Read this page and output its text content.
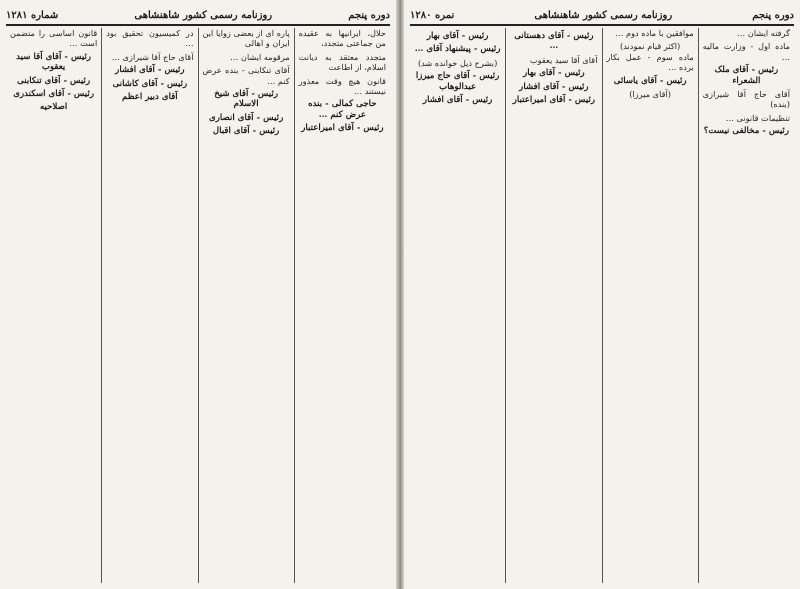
دوره پنجم
روزنامه رسمی کشور شاهنشاهی
شماره ۱۲۸۱

حلال، ایرانیها به عقیده من جماعتی متجدد،

متجدد معتقد به دیانت اسلام، از اطاعت

قانون هیچ وقت معذور نیستند …

حاجی کمالی - بنده عرض کنم …
رئیس - آقای امیراعتبار

پاره ای از بعضی زوایا این ایران و اهالی

مرقومه ایشان …

آقای تنکابنی - بنده عرض کنم …

رئیس - آقای شیخ الاسلام
رئیس - آقای انصاری
رئیس - آقای اقبال

در کمیسیون تحقیق بود …

آقای حاج آقا شیرازی …

رئیس - آقای افشار
رئیس - آقای کاشانی
آقای دبیر اعظم

قانون اساسی را متضمن است …

رئیس - آقای آقا سید یعقوب
رئیس - آقای تنکابنی
رئیس - آقای اسکندری
اصلاحیه
دوره پنجم
روزنامه رسمی کشور شاهنشاهی
نمره ۱۲۸۰

گرفته ایشان …

ماده اول - وزارت مالیه …

رئیس - آقای ملک الشعراء

آقای حاج آقا شیرازی (بنده)

تنظیمات قانونی …

رئیس - مخالفی نیست؟

موافقین با ماده دوم …

(اکثر قیام نمودند)

ماده سوم - عمل بکار برده …

رئیس - آقای یاسائی
(آقای میرزا)
رئیس - آقای دهستانی …

آقای آقا سید یعقوب

رئیس - آقای بهار
رئیس - آقای افشار
رئیس - آقای امیراعتبار
رئیس - آقای بهار
رئیس - پیشنهاد آقای …
(بشرح ذیل خوانده شد)
رئیس - آقای حاج میرزا عبدالوهاب
رئیس - آقای افشار
